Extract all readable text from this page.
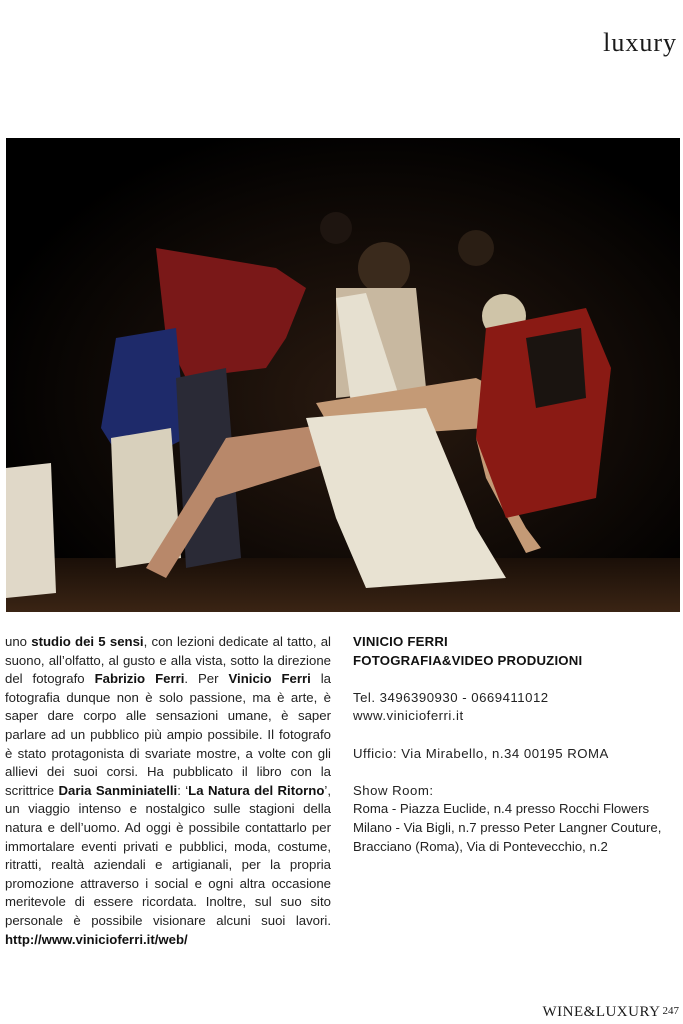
luxury
uno studio dei 5 sensi, con lezioni dedicate al tatto, al suono, all’olfatto, al gusto e alla vista, sotto la direzione del fotografo Fabrizio Ferri. Per Vinicio Ferri la fotografia dunque non è solo passione, ma è arte, è saper dare corpo alle sensazioni umane, è saper parlare ad un pubblico più ampio possibile. Il fotografo è stato protagonista di svariate mostre, a volte con gli allievi dei suoi corsi. Ha pubblicato il libro con la scrittrice Daria Sanminiatelli: ‘La Natura del Ritorno’, un viaggio intenso e nostalgico sulle stagioni della natura e dell’uomo. Ad oggi è possibile contattarlo per immortalare eventi privati e pubblici, moda, costume, ritratti, realtà aziendali e artigianali, per la propria promozione attraverso i social e ogni altra occasione meritevole di essere ricordata. Inoltre, sul suo sito personale è possibile visionare alcuni suoi lavori. http://www.vinicioferri.it/web/
VINICIO FERRI
FOTOGRAFIA&VIDEO PRODUZIONI
Tel. 3496390930 - 0669411012
www.vinicioferri.it
Ufficio: Via Mirabello, n.34 00195 ROMA
Show Room:
Roma - Piazza Euclide, n.4 presso Rocchi Flowers
Milano - Via Bigli, n.7 presso Peter Langner Couture,
Bracciano (Roma), Via di Pontevecchio, n.2
WINE&LUXURY 247
